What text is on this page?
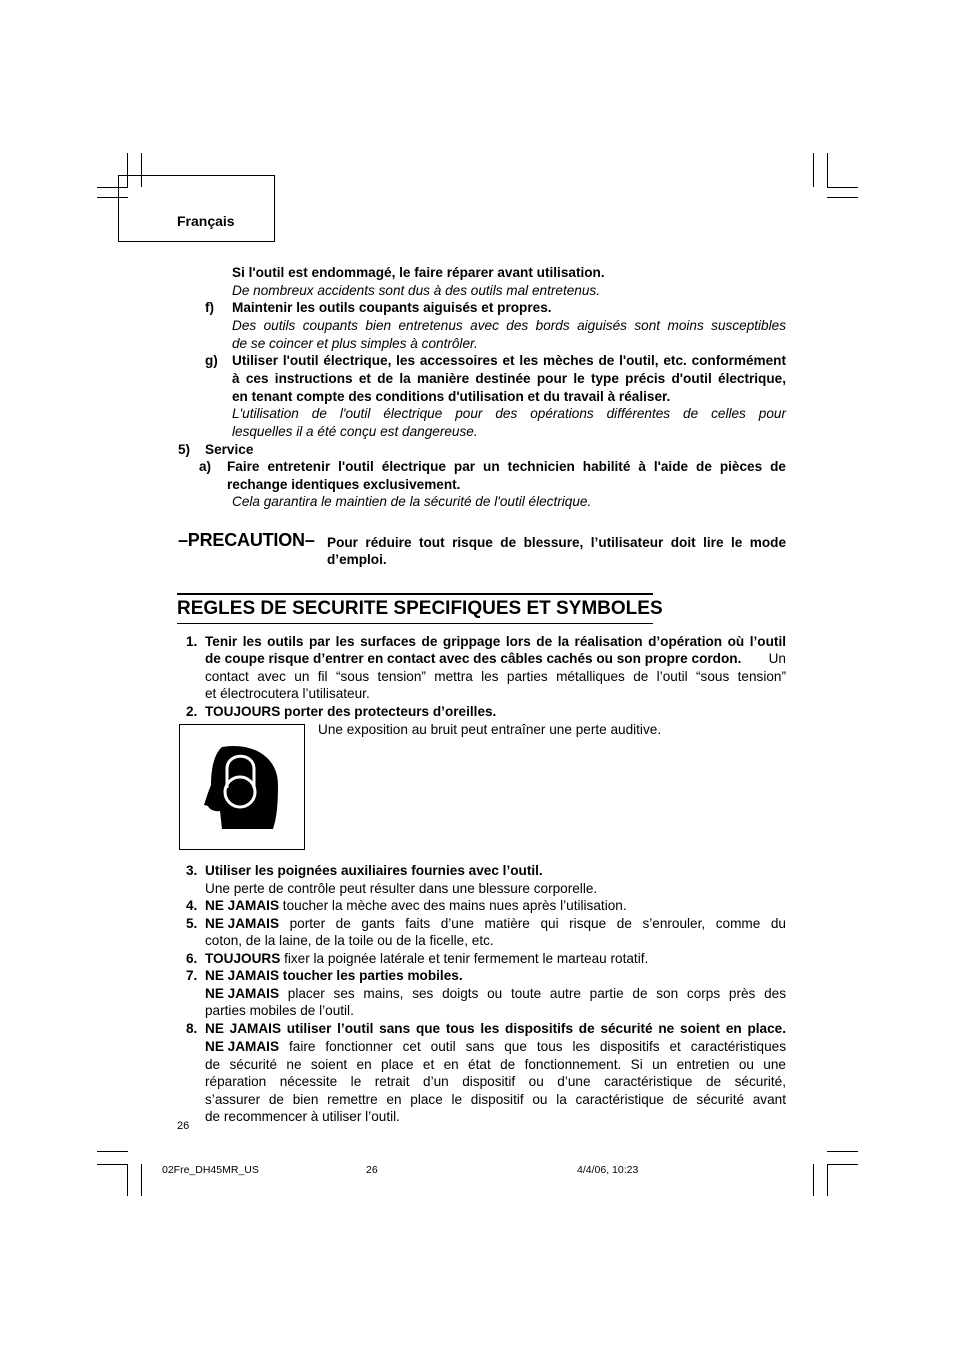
Français
Si l'outil est endommagé, le faire réparer avant utilisation.
De nombreux accidents sont dus à des outils mal entretenus.
f) Maintenir les outils coupants aiguisés et propres.
Des outils coupants bien entretenus avec des bords aiguisés sont moins susceptibles
de se coincer et plus simples à contrôler.
g) Utiliser l'outil électrique, les accessoires et les mèches de l'outil, etc. conformément
à ces instructions et de la manière destinée pour le type précis d'outil électrique,
en tenant compte des conditions d'utilisation et du travail à réaliser.
L'utilisation de l'outil électrique pour des opérations différentes de celles pour
lesquelles il a été conçu est dangereuse.
5) Service
a) Faire entretenir l'outil électrique par un technicien habilité à l'aide de pièces de
rechange identiques exclusivement.
Cela garantira le maintien de la sécurité de l'outil électrique.
–PRECAUTION– Pour réduire tout risque de blessure, l’utilisateur doit lire le mode
d’emploi.
REGLES DE SECURITE SPECIFIQUES ET SYMBOLES
1. Tenir les outils par les surfaces de grippage lors de la réalisation d’opération où l’outil
de coupe risque d’entrer en contact avec des câbles cachés ou son propre cordon. Un
contact avec un fil “sous tension” mettra les parties métalliques de l’outil “sous tension”
et électrocutera l’utilisateur.
2. TOUJOURS porter des protecteurs d’oreilles.
Une exposition au bruit peut entraîner une perte auditive.
3. Utiliser les poignées auxiliaires fournies avec l’outil.
Une perte de contrôle peut résulter dans une blessure corporelle.
4. NE JAMAIS toucher la mèche avec des mains nues après l’utilisation.
5. NE JAMAIS porter de gants faits d’une matière qui risque de s’enrouler, comme du
coton, de la laine, de la toile ou de la ficelle, etc.
6. TOUJOURS fixer la poignée latérale et tenir fermement le marteau rotatif.
7. NE JAMAIS toucher les parties mobiles.
NE JAMAIS placer ses mains, ses doigts ou toute autre partie de son corps près des
parties mobiles de l’outil.
8. NE JAMAIS utiliser l’outil sans que tous les dispositifs de sécurité ne soient en place.
NE JAMAIS faire fonctionner cet outil sans que tous les dispositifs et caractéristiques
de sécurité ne soient en place et en état de fonctionnement. Si un entretien ou une
réparation nécessite le retrait d’un dispositif ou d’une caractéristique de sécurité,
s’assurer de bien remettre en place le dispositif ou la caractéristique de sécurité avant
de recommencer à utiliser l’outil.
26
02Fre_DH45MR_US	26	4/4/06, 10:23
